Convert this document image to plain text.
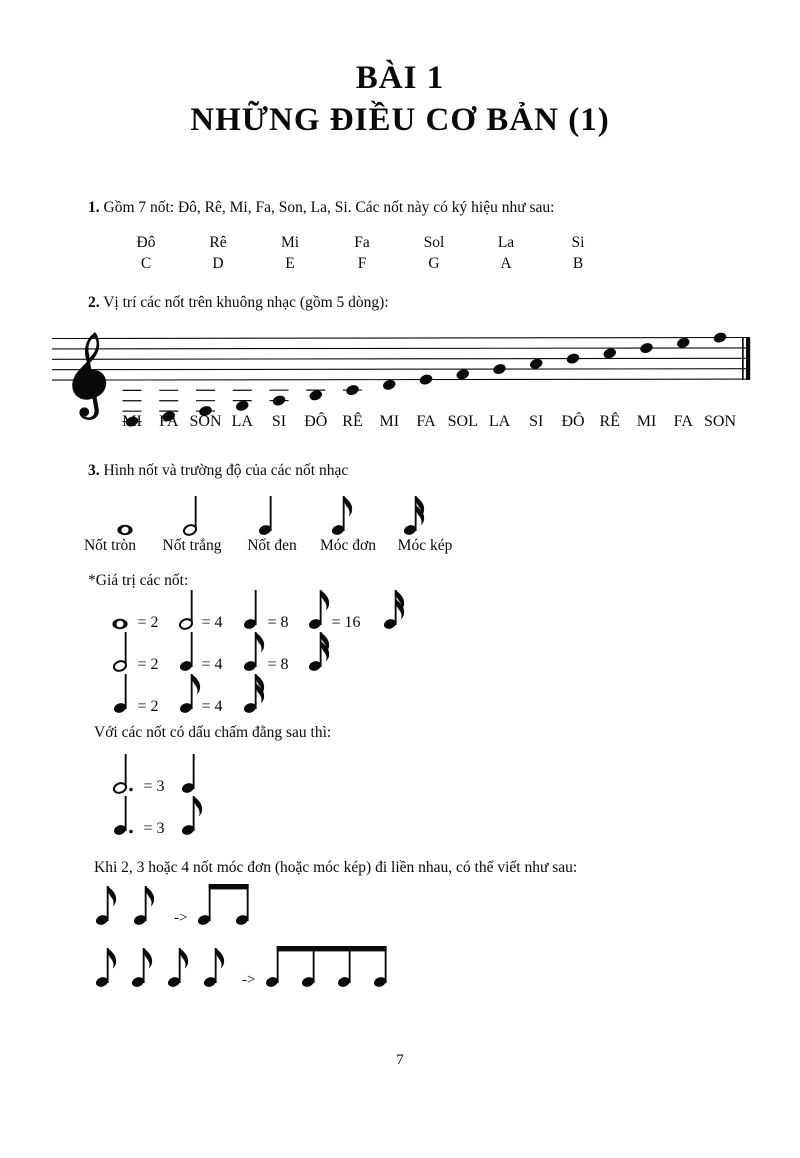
BÀI 1
NHỮNG ĐIỀU CƠ BẢN (1)
1. Gồm 7 nốt: Đô, Rê, Mi, Fa, Son, La, Si. Các nốt này có ký hiệu như sau:
Đô	Rê	Mi	Fa	Sol	La	Si
C	D	E	F	G	A	B
2. Vị trí các nốt trên khuông nhạc (gồm 5 dòng):
MI FA SON LA SI ĐÔ RÊ MI FA SOL LA SI ĐÔ RÊ MI FA SON
3. Hình nốt và trường độ của các nốt nhạc
Nốt tròn Nốt trắng Nốt đen Móc đơn Móc kép
*Giá trị các nốt:
= 2	= 4	= 8	= 16
= 2	= 4	= 8
= 2	= 4
Với các nốt có dấu chấm đằng sau thì:
= 3
= 3
Khi 2, 3 hoặc 4 nốt móc đơn (hoặc móc kép) đi liền nhau, có thể viết như sau:
->
->
7
